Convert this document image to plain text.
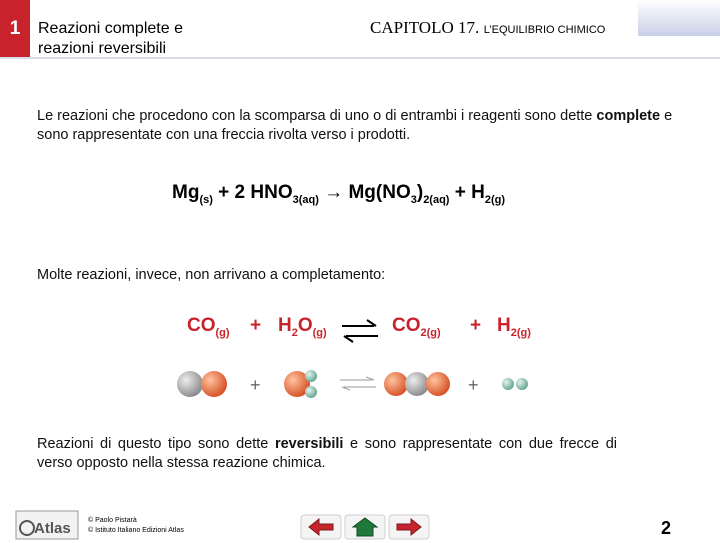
1	Reazioni complete e
reazioni reversibili
CAPITOLO 17. L’EQUILIBRIO CHIMICO
Le reazioni che procedono con la scomparsa di uno o di entrambi i reagenti sono dette complete e sono rappresentate con una freccia rivolta verso i prodotti.
$Mg_{(s)} + 2$ $HNO_{3(aq)} \to Mg(NO_3)_{2(aq)} + H_{2(g)}$
Molte reazioni, invece, non arrivano a completamento:
$CO_{(g)} + H_2O_{(g)}$ ⇌ $CO_{2(g)} + H_{2(g)}$
+	+
Reazioni di questo tipo sono dette reversibili e sono rappresentate con due frecce di verso opposto nella stessa reazione chimica.
Atlas © Paolo Pistarà
© Istituto Italiano Edizioni Atlas	2
